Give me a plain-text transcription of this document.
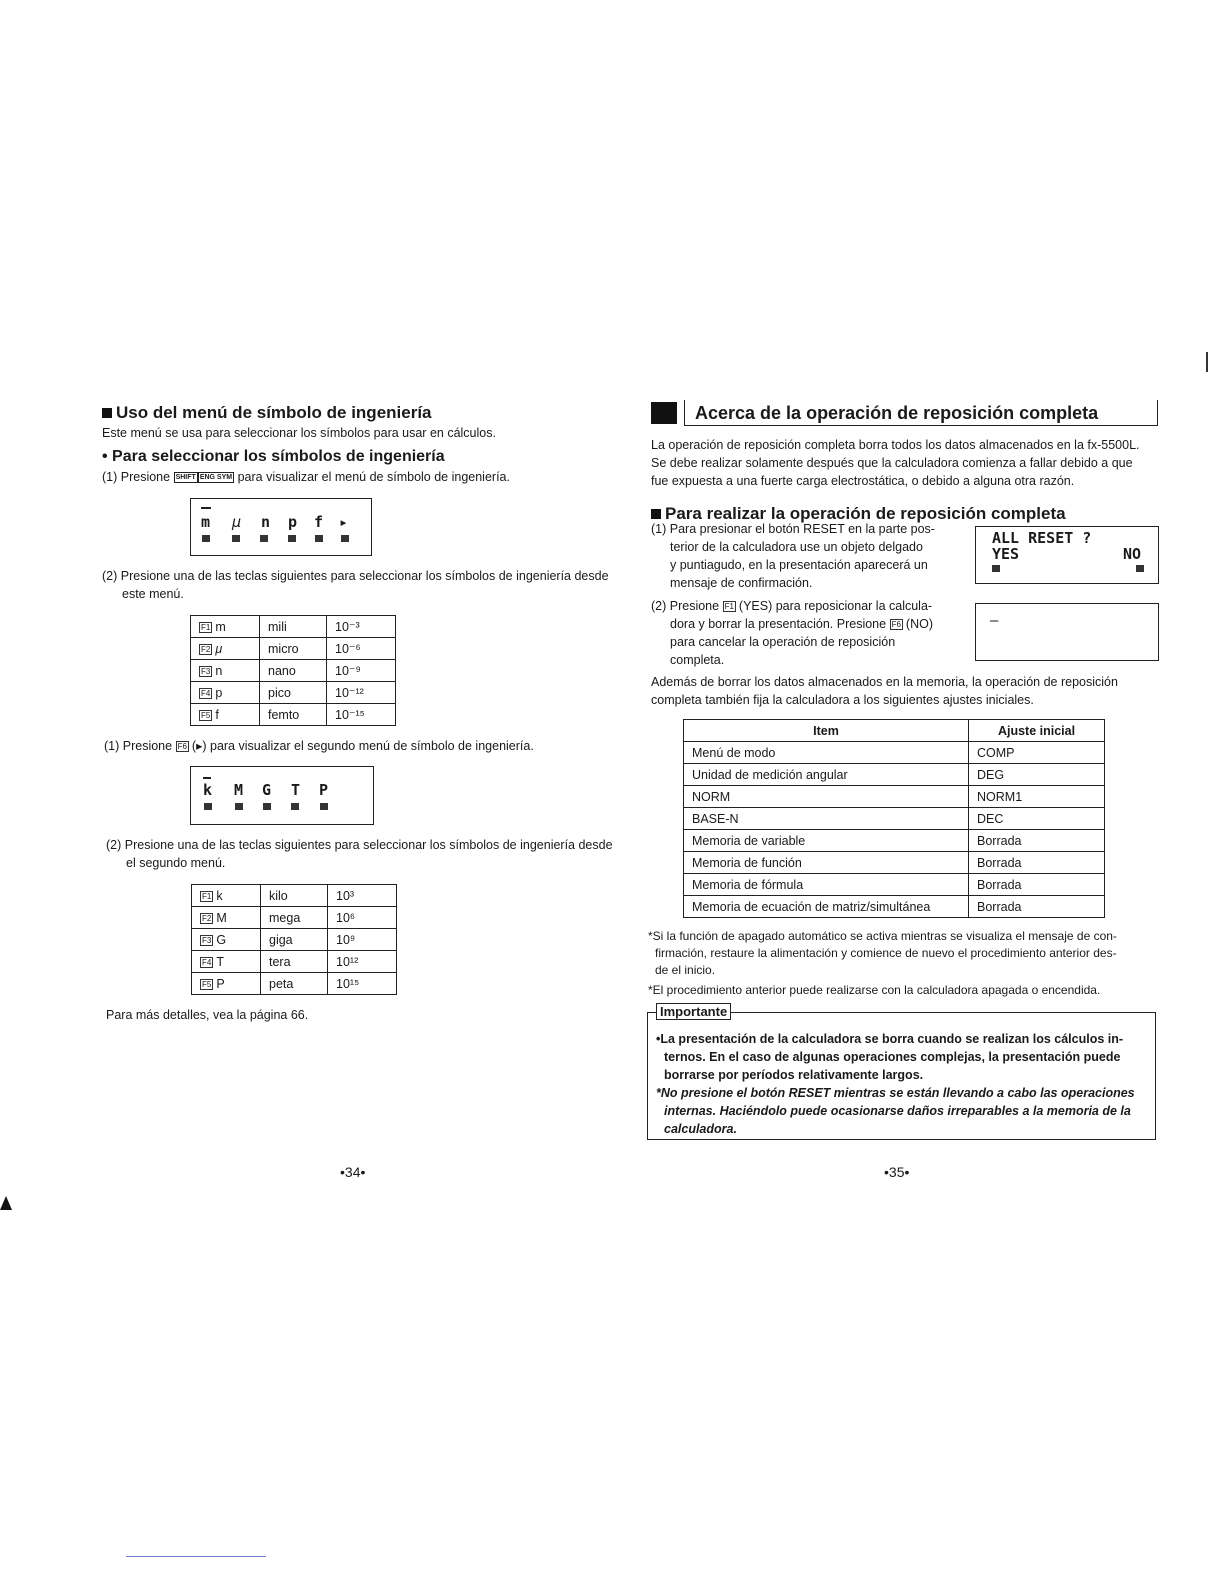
Uso del menú de símbolo de ingeniería
Este menú se usa para seleccionar los símbolos para usar en cálculos.
• Para seleccionar los símbolos de ingeniería
(1) Presione SHIFT ENG SYM para visualizar el menú de símbolo de ingeniería.
m μ n p f ▸
(2) Presione una de las teclas siguientes para seleccionar los símbolos de ingeniería desde
este menú.
F1 m	mili	10⁻³
F2 μ	micro	10⁻⁶
F3 n	nano	10⁻⁹
F4 p	pico	10⁻¹²
F5 f	femto	10⁻¹⁵
(1) Presione F6 (▸) para visualizar el segundo menú de símbolo de ingeniería.
k M G T P
(2) Presione una de las teclas siguientes para seleccionar los símbolos de ingeniería desde
el segundo menú.
F1 k	kilo	10³
F2 M	mega	10⁶
F3 G	giga	10⁹
F4 T	tera	10¹²
F5 P	peta	10¹⁵
Para más detalles, vea la página 66.
•34•
Acerca de la operación de reposición completa
La operación de reposición completa borra todos los datos almacenados en la fx-5500L.
Se debe realizar solamente después que la calculadora comienza a fallar debido a que
fue expuesta a una fuerte carga electrostática, o debido a alguna otra razón.
Para realizar la operación de reposición completa
(1) Para presionar el botón RESET en la parte pos-
terior de la calculadora use un objeto delgado
y puntiagudo, en la presentación aparecerá un
mensaje de confirmación.
ALL RESET ?
YES	NO
(2) Presione F1 (YES) para reposicionar la calcula-
dora y borrar la presentación. Presione F6 (NO)
para cancelar la operación de reposición
completa.
–
Además de borrar los datos almacenados en la memoria, la operación de reposición
completa también fija la calculadora a los siguientes ajustes iniciales.
Item	Ajuste inicial
Menú de modo	COMP
Unidad de medición angular	DEG
NORM	NORM1
BASE-N	DEC
Memoria de variable	Borrada
Memoria de función	Borrada
Memoria de fórmula	Borrada
Memoria de ecuación de matriz/simultánea	Borrada
*Si la función de apagado automático se activa mientras se visualiza el mensaje de con-
firmación, restaure la alimentación y comience de nuevo el procedimiento anterior des-
de el inicio.
*El procedimiento anterior puede realizarse con la calculadora apagada o encendida.
Importante
•La presentación de la calculadora se borra cuando se realizan los cálculos in-
ternos. En el caso de algunas operaciones complejas, la presentación puede
borrarse por períodos relativamente largos.
*No presione el botón RESET mientras se están llevando a cabo las operaciones
internas. Haciéndolo puede ocasionarse daños irreparables a la memoria de la
calculadora.
•35•
